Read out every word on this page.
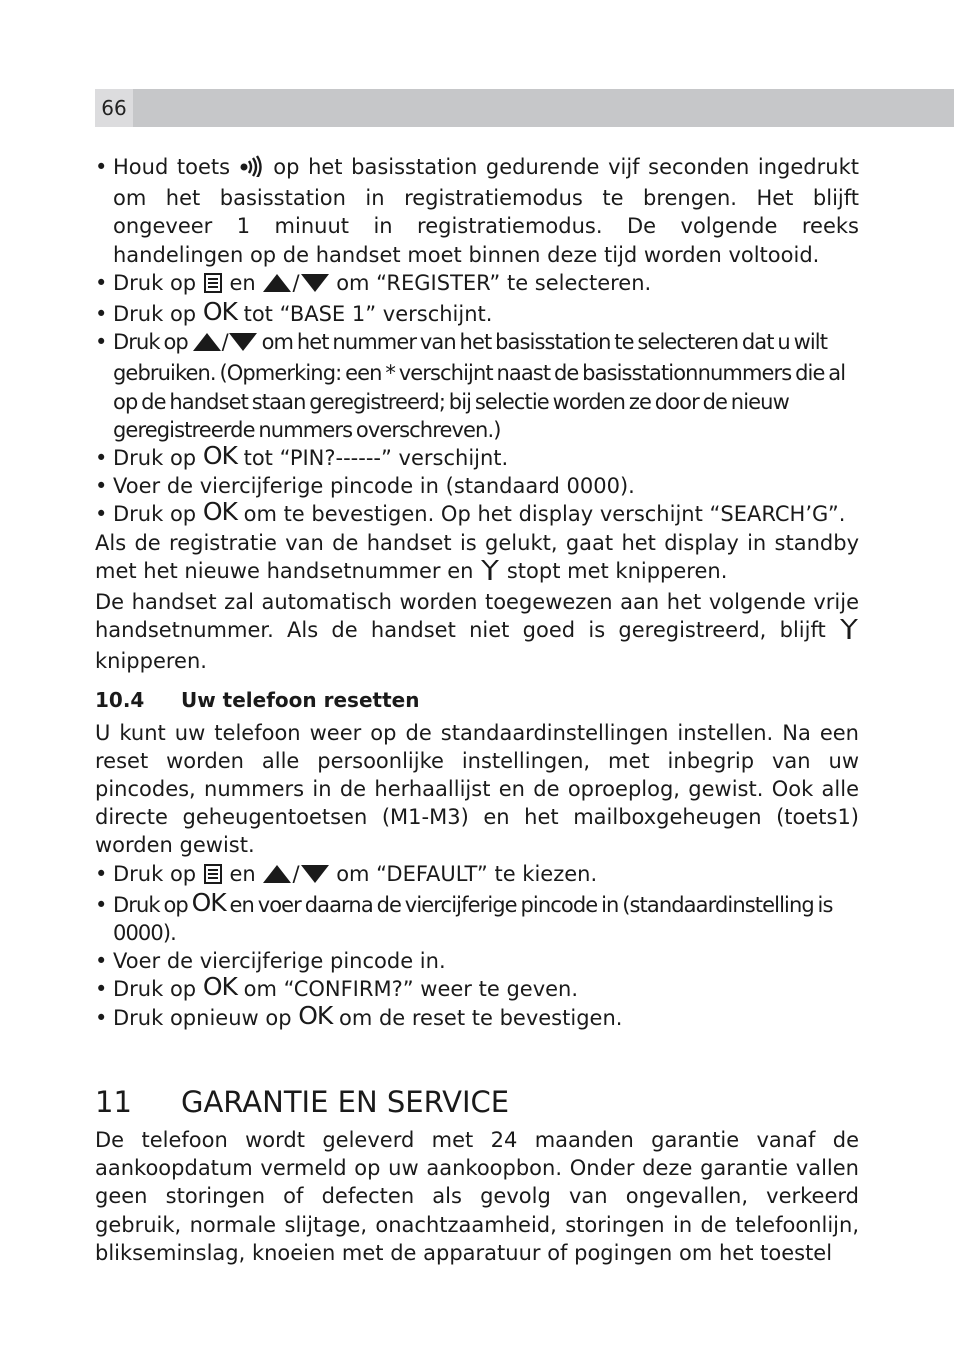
66

• Houd toets op het basisstation gedurende vijf seconden ingedrukt om het basisstation in registratiemodus te brengen. Het blijft ongeveer 1 minuut in registratiemodus. De volgende reeks handelingen op de handset moet binnen deze tijd worden voltooid.

• Druk op en / om “REGISTER” te selecteren.

• Druk op OK tot “BASE 1” verschijnt.

• Druk op / om het nummer van het basisstation te selecteren dat u wilt gebruiken. (Opmerking: een * verschijnt naast de basisstationnummers die al op de handset staan geregistreerd; bij selectie worden ze door de nieuw geregistreerde nummers overschreven.)

• Druk op OK tot “PIN?------” verschijnt.

• Voer de viercijferige pincode in (standaard 0000).

• Druk op OK om te bevestigen. Op het display verschijnt “SEARCH’G”.

Als de registratie van de handset is gelukt, gaat het display in standby met het nieuwe handsetnummer en stopt met knipperen.

De handset zal automatisch worden toegewezen aan het volgende vrije handsetnummer. Als de handset niet goed is geregistreerd, blijft  knipperen.

10.4 Uw telefoon resetten

U kunt uw telefoon weer op de standaardinstellingen instellen. Na een reset worden alle persoonlijke instellingen, met inbegrip van uw pincodes, nummers in de herhaallijst en de oproeplog, gewist. Ook alle directe geheugentoetsen (M1-M3) en het mailboxgeheugen (toets1) worden gewist.

• Druk op en / om “DEFAULT” te kiezen.

• Druk op OK en voer daarna de viercijferige pincode in (standaardinstelling is 0000).

• Voer de viercijferige pincode in.

• Druk op OK om “CONFIRM?” weer te geven.

• Druk opnieuw op OK om de reset te bevestigen.

11 GARANTIE EN SERVICE

De telefoon wordt geleverd met 24 maanden garantie vanaf de aankoopdatum vermeld op uw aankoopbon. Onder deze garantie vallen geen storingen of defecten als gevolg van ongevallen, verkeerd gebruik, normale slijtage, onachtzaamheid, storingen in de telefoonlijn, blikseminslag, knoeien met de apparatuur of pogingen om het toestel
